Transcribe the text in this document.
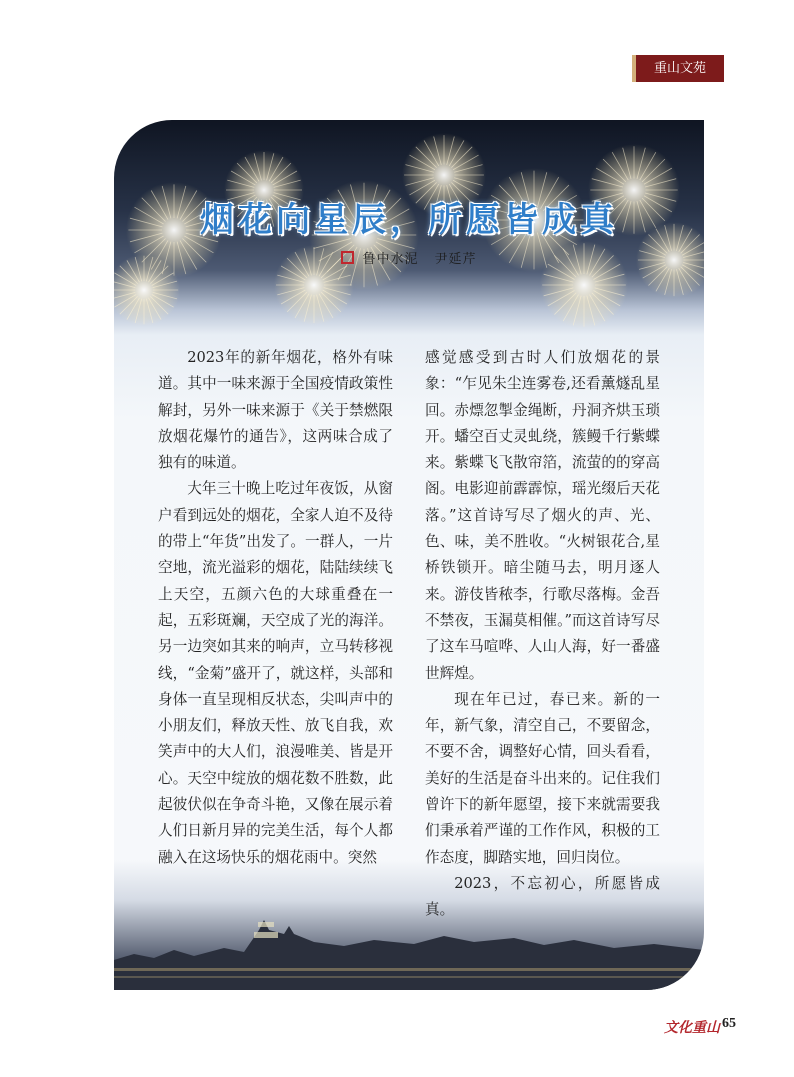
重山文苑
烟花向星辰，所愿皆成真
鲁中水泥 尹延芹

2023年的新年烟花，格外有味道。其中一味来源于全国疫情政策性解封，另外一味来源于《关于禁燃限放烟花爆竹的通告》，这两味合成了独有的味道。

大年三十晚上吃过年夜饭，从窗户看到远处的烟花，全家人迫不及待的带上“年货”出发了。一群人，一片空地，流光溢彩的烟花，陆陆续续飞上天空，五颜六色的大球重叠在一起，五彩斑斓，天空成了光的海洋。另一边突如其来的响声，立马转移视线，“金菊”盛开了，就这样，头部和身体一直呈现相反状态，尖叫声中的小朋友们，释放天性、放飞自我，欢笑声中的大人们，浪漫唯美、皆是开心。天空中绽放的烟花数不胜数，此起彼伏似在争奇斗艳，又像在展示着人们日新月异的完美生活，每个人都融入在这场快乐的烟花雨中。突然

感觉感受到古时人们放烟花的景象：“乍见朱尘连雾卷,还看薰燧乱星回。赤熛忽掣金绳断，丹洞齐烘玉琐开。蟠空百丈灵虬绕，簇鳗千行紫蝶来。紫蝶飞飞散帘箔，流萤的的穿高阁。电影迎前霹霹惊，瑶光缀后天花落。”这首诗写尽了烟火的声、光、色、味，美不胜收。“火树银花合,星桥铁锁开。暗尘随马去，明月逐人来。游伎皆秾李，行歌尽落梅。金吾不禁夜，玉漏莫相催。”而这首诗写尽了这车马喧哗、人山人海，好一番盛世辉煌。

现在年已过，春已来。新的一年，新气象，清空自己，不要留念，不要不舍，调整好心情，回头看看，美好的生活是奋斗出来的。记住我们曾许下的新年愿望，接下来就需要我们秉承着严谨的工作作风，积极的工作态度，脚踏实地，回归岗位。

2023，不忘初心，所愿皆成真。

文化重山 65
